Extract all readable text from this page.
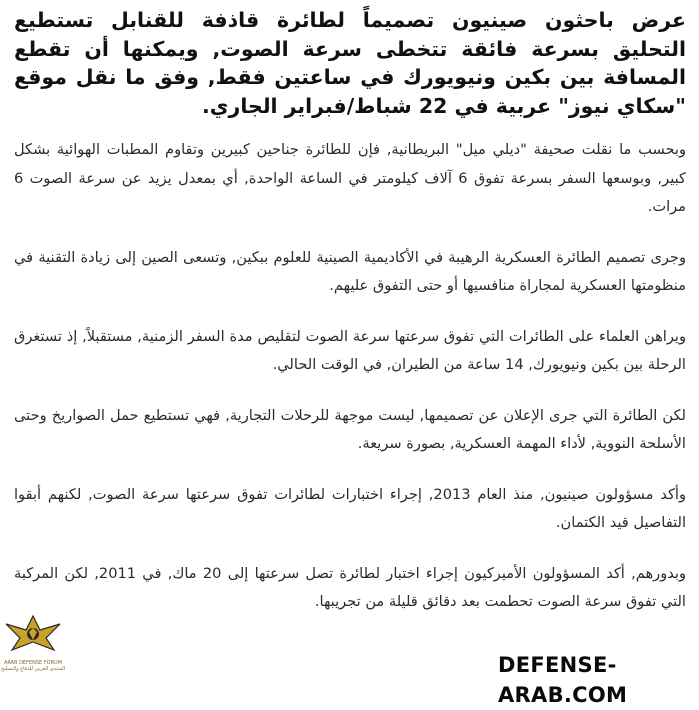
عرض باحثون صينيون تصميماً لطائرة قاذفة للقنابل تستطيع التحليق بسرعة فائقة تتخطى سرعة الصوت, ويمكنها أن تقطع المسافة بين بكين ونيويورك في ساعتين فقط, وفق ما نقل موقع "سكاي نيوز" عربية في 22 شباط/فبراير الجاري.

وبحسب ما نقلت صحيفة "ديلي ميل" البريطانية, فإن للطائرة جناحين كبيرين وتقاوم المطبات الهوائية بشكل كبير, وبوسعها السفر بسرعة تفوق 6 آلاف كيلومتر في الساعة الواحدة, أي بمعدل يزيد عن سرعة الصوت 6 مرات.

وجرى تصميم الطائرة العسكرية الرهيبة في الأكاديمية الصينية للعلوم ببكين, وتسعى الصين إلى زيادة التقنية في منظومتها العسكرية لمجاراة منافسيها أو حتى التفوق عليهم.

ويراهن العلماء على الطائرات التي تفوق سرعتها سرعة الصوت لتقليص مدة السفر الزمنية, مستقبلاً, إذ تستغرق الرحلة بين بكين ونيويورك, 14 ساعة من الطيران, في الوقت الحالي.

لكن الطائرة التي جرى الإعلان عن تصميمها, ليست موجهة للرحلات التجارية, فهي تستطيع حمل الصواريخ وحتى الأسلحة النووية, لأداء المهمة العسكرية, بصورة سريعة.

وأكد مسؤولون صينيون, منذ العام 2013, إجراء اختبارات لطائرات تفوق سرعتها سرعة الصوت, لكنهم أبقوا التفاصيل قيد الكتمان.

وبدورهم, أكد المسؤولون الأميركيون إجراء اختبار لطائرة تصل سرعتها إلى 20 ماك, في 2011, لكن المركبة التي تفوق سرعة الصوت تحطمت بعد دقائق قليلة من تجريبها.

ARAB DEFENSE FORUM
المنتدى العربي للدفاع والتسليح	DEFENSE-ARAB.COM
